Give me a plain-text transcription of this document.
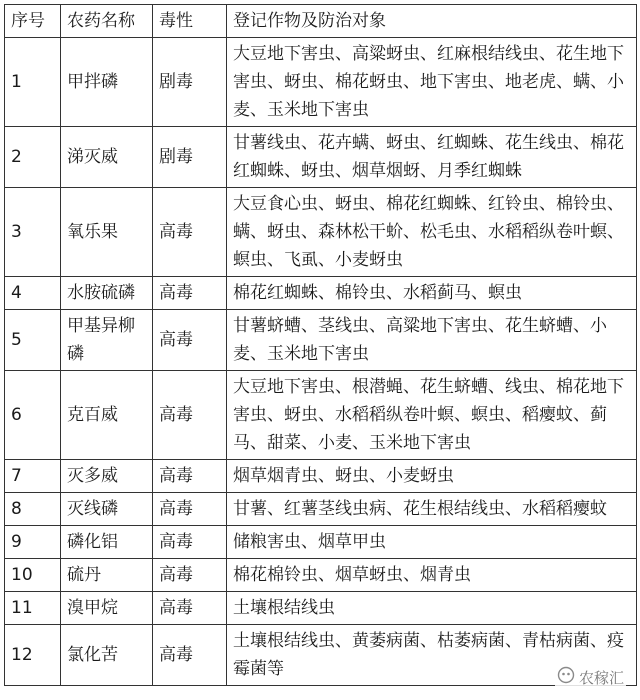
序号	农药名称	毒性	登记作物及防治对象
1	甲拌磷	剧毒	大豆地下害虫、高粱蚜虫、红麻根结线虫、花生地下害虫、蚜虫、棉花蚜虫、地下害虫、地老虎、螨、小麦、玉米地下害虫
2	涕灭威	剧毒	甘薯线虫、花卉螨、蚜虫、红蜘蛛、花生线虫、棉花红蜘蛛、蚜虫、烟草烟蚜、月季红蜘蛛
3	氧乐果	高毒	大豆食心虫、蚜虫、棉花红蜘蛛、红铃虫、棉铃虫、螨、蚜虫、森林松干蚧、松毛虫、水稻稻纵卷叶螟、螟虫、飞虱、小麦蚜虫
4	水胺硫磷	高毒	棉花红蜘蛛、棉铃虫、水稻蓟马、螟虫
5	甲基异柳磷	高毒	甘薯蛴螬、茎线虫、高粱地下害虫、花生蛴螬、小麦、玉米地下害虫
6	克百威	高毒	大豆地下害虫、根潜蝇、花生蛴螬、线虫、棉花地下害虫、蚜虫、水稻稻纵卷叶螟、螟虫、稻瘿蚊、蓟马、甜菜、小麦、玉米地下害虫
7	灭多威	高毒	烟草烟青虫、蚜虫、小麦蚜虫
8	灭线磷	高毒	甘薯、红薯茎线虫病、花生根结线虫、水稻稻瘿蚊
9	磷化铝	高毒	储粮害虫、烟草甲虫
10	硫丹	高毒	棉花棉铃虫、烟草蚜虫、烟青虫
11	溴甲烷	高毒	土壤根结线虫
12	氯化苦	高毒	土壤根结线虫、黄萎病菌、枯萎病菌、青枯病菌、疫霉菌等	农稼汇
